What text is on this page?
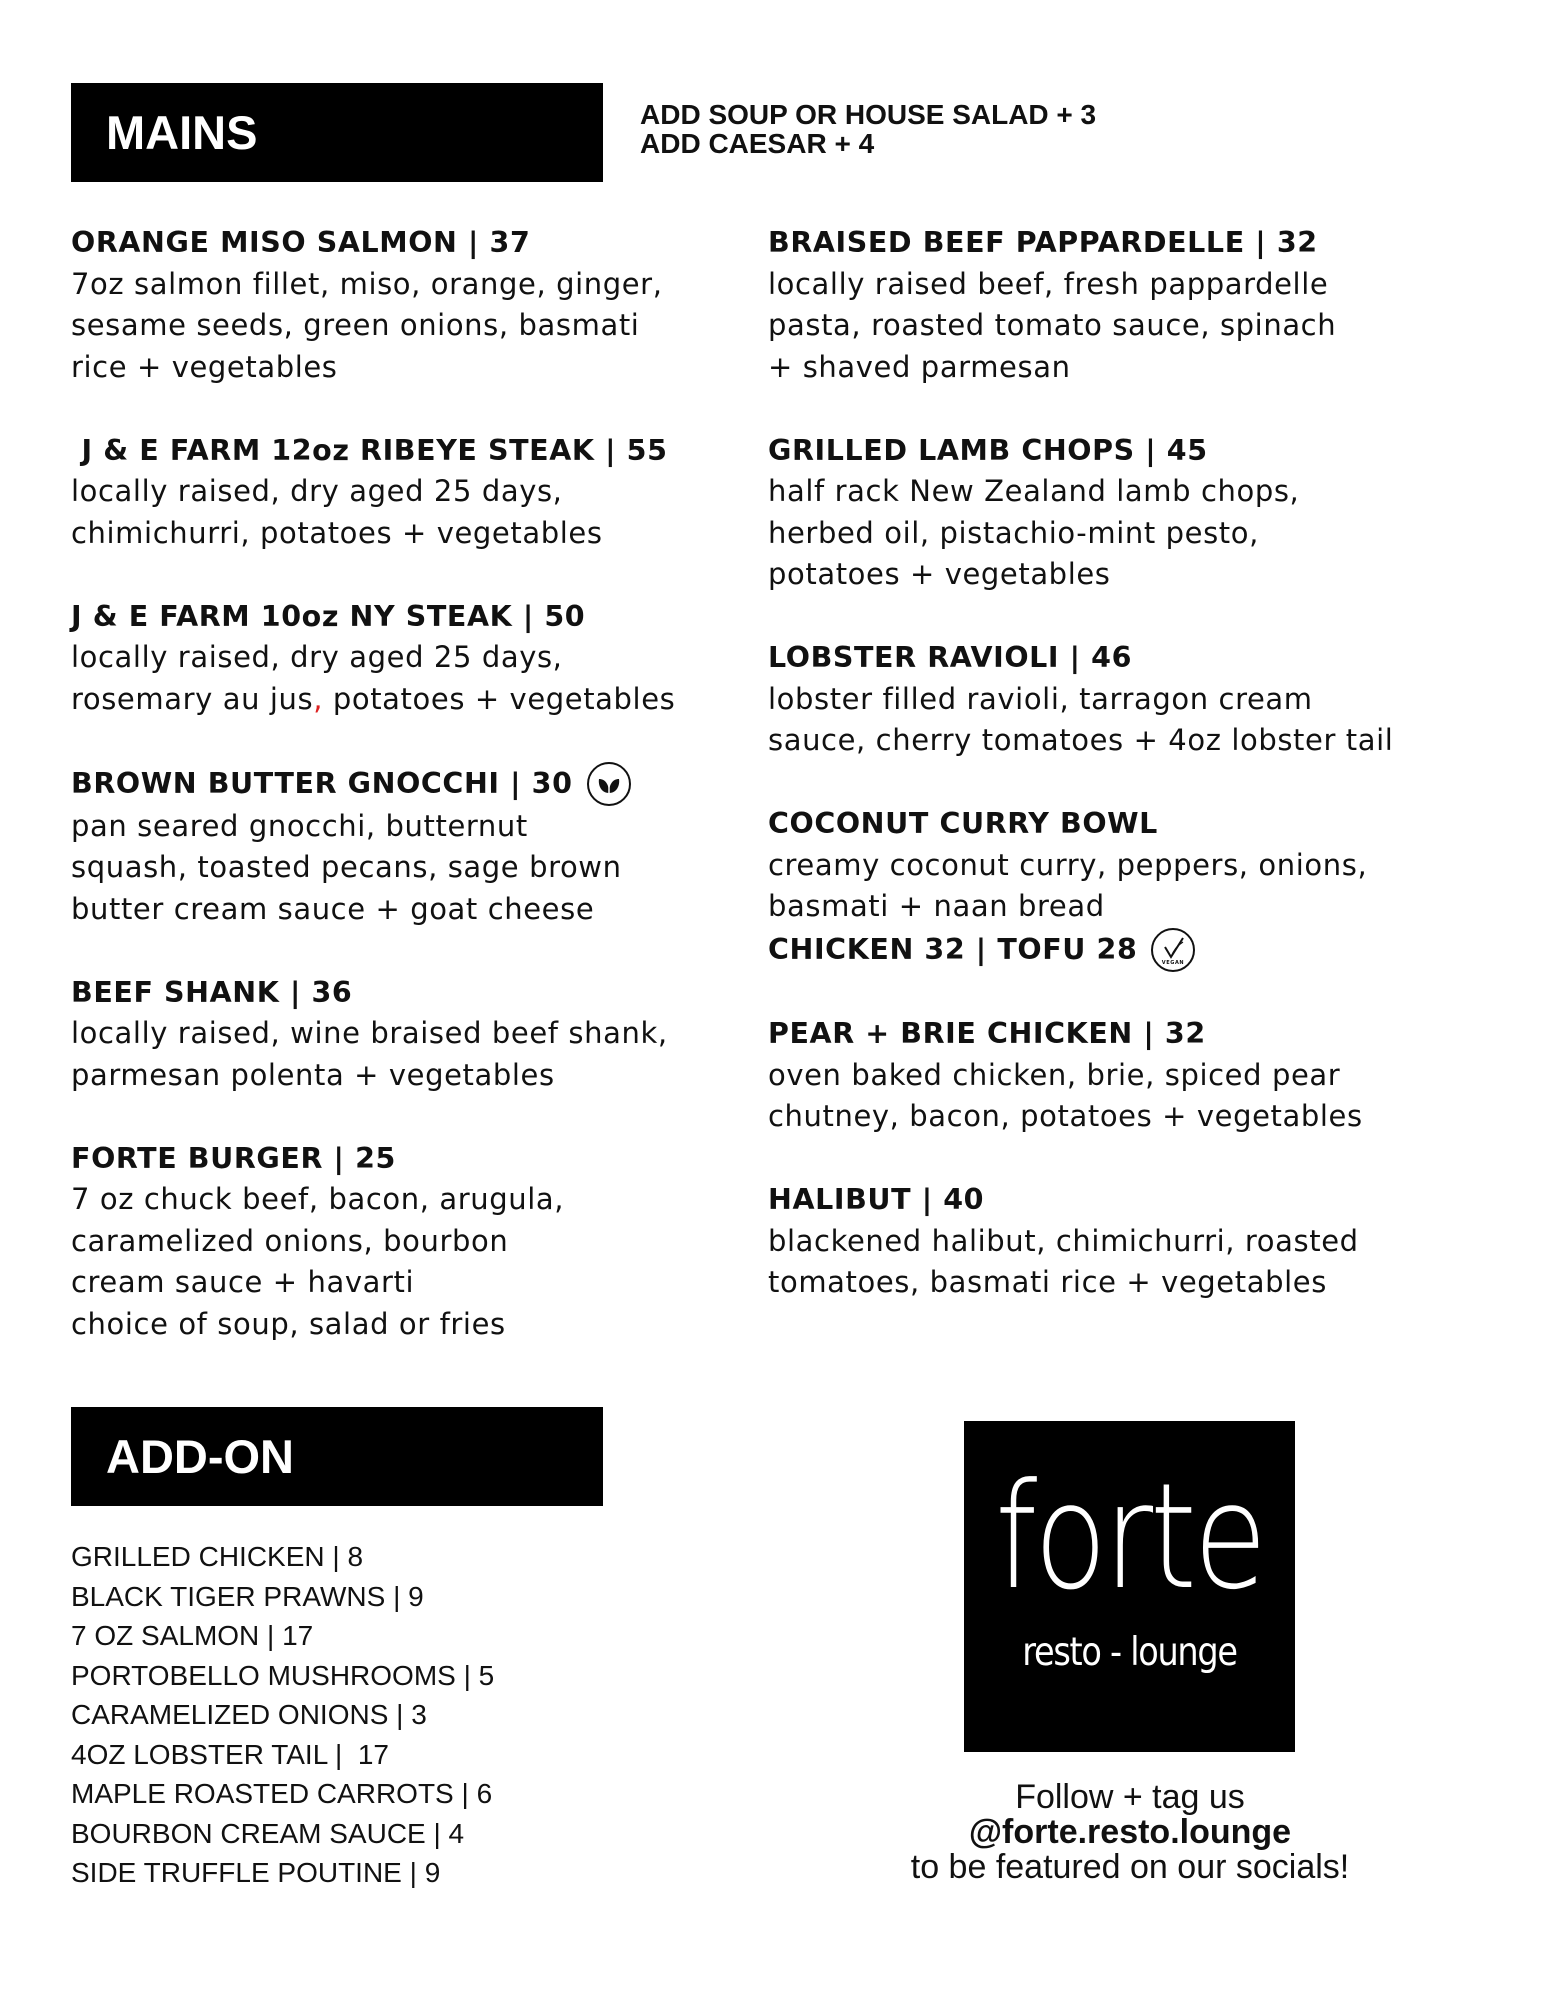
MAINS	ADD SOUP OR HOUSE SALAD + 3
ADD CAESAR + 4
ORANGE MISO SALMON | 37
7oz salmon fillet, miso, orange, ginger,
sesame seeds, green onions, basmati
rice + vegetables
J & E FARM 12oz RIBEYE STEAK | 55
locally raised, dry aged 25 days,
chimichurri, potatoes + vegetables
J & E FARM 10oz NY STEAK | 50
locally raised, dry aged 25 days,
rosemary au jus, potatoes + vegetables
BROWN BUTTER GNOCCHI | 30
pan seared gnocchi, butternut
squash, toasted pecans, sage brown
butter cream sauce + goat cheese
BEEF SHANK | 36
locally raised, wine braised beef shank,
parmesan polenta + vegetables
FORTE BURGER | 25
7 oz chuck beef, bacon, arugula,
caramelized onions, bourbon
cream sauce + havarti
choice of soup, salad or fries
BRAISED BEEF PAPPARDELLE | 32
locally raised beef, fresh pappardelle
pasta, roasted tomato sauce, spinach
+ shaved parmesan
GRILLED LAMB CHOPS | 45
half rack New Zealand lamb chops,
herbed oil, pistachio-mint pesto,
potatoes + vegetables
LOBSTER RAVIOLI | 46
lobster filled ravioli, tarragon cream
sauce, cherry tomatoes + 4oz lobster tail
COCONUT CURRY BOWL
creamy coconut curry, peppers, onions,
basmati + naan bread
CHICKEN 32 | TOFU 28	VEGAN
PEAR + BRIE CHICKEN | 32
oven baked chicken, brie, spiced pear
chutney, bacon, potatoes + vegetables
HALIBUT | 40
blackened halibut, chimichurri, roasted
tomatoes, basmati rice + vegetables
ADD-ON
GRILLED CHICKEN | 8
BLACK TIGER PRAWNS | 9
7 OZ SALMON | 17
PORTOBELLO MUSHROOMS | 5
CARAMELIZED ONIONS | 3
4OZ LOBSTER TAIL |  17
MAPLE ROASTED CARROTS | 6
BOURBON CREAM SAUCE | 4
SIDE TRUFFLE POUTINE | 9
forte
resto - lounge
Follow + tag us
@forte.resto.lounge
to be featured on our socials!
